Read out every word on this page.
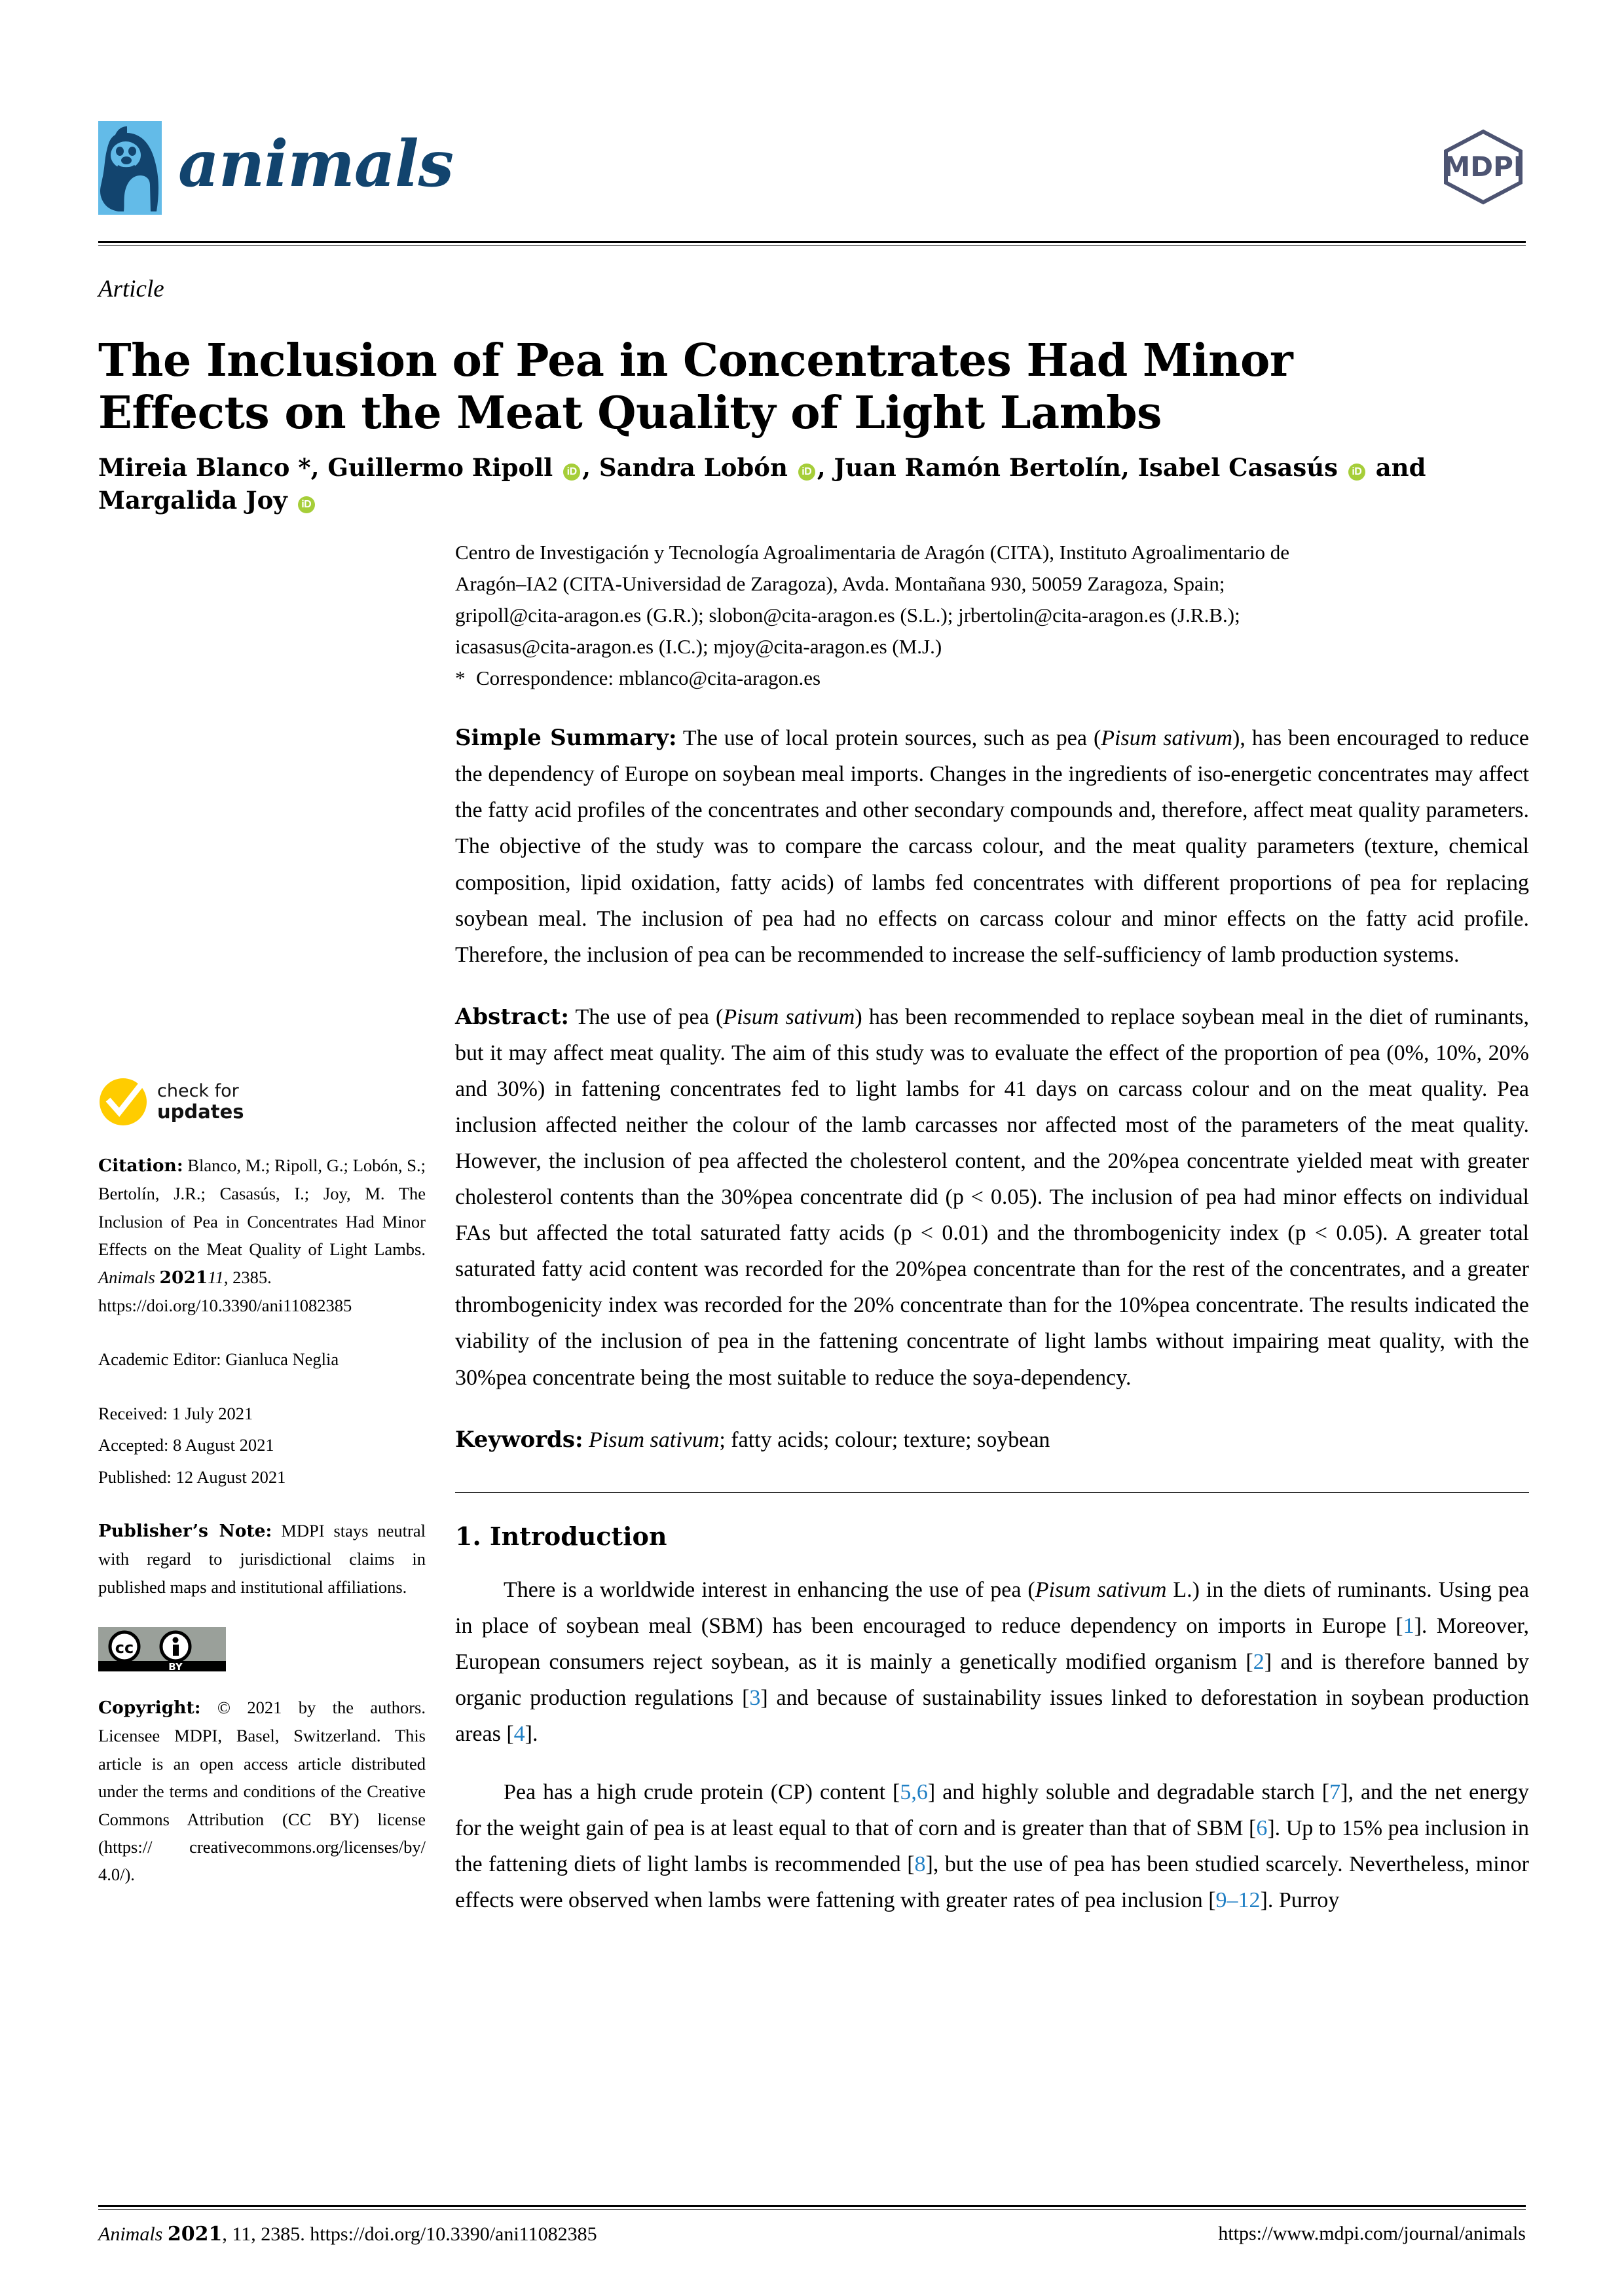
animals	MDPI
Article
The Inclusion of Pea in Concentrates Had Minor Effects on the Meat Quality of Light Lambs
Mireia Blanco *, Guillermo Ripoll iD , Sandra Lobón iD , Juan Ramón Bertolín, Isabel Casasús iD and Margalida Joy iD
Centro de Investigación y Tecnología Agroalimentaria de Aragón (CITA), Instituto Agroalimentario de
Aragón–IA2 (CITA-Universidad de Zaragoza), Avda. Montañana 930, 50059 Zaragoza, Spain;
gripoll@cita-aragon.es (G.R.); slobon@cita-aragon.es (S.L.); jrbertolin@cita-aragon.es (J.R.B.);
icasasus@cita-aragon.es (I.C.); mjoy@cita-aragon.es (M.J.)
* Correspondence: mblanco@cita-aragon.es

Simple Summary: The use of local protein sources, such as pea (Pisum sativum), has been encouraged to reduce the dependency of Europe on soybean meal imports. Changes in the ingredients of iso-energetic concentrates may affect the fatty acid profiles of the concentrates and other secondary compounds and, therefore, affect meat quality parameters. The objective of the study was to compare the carcass colour, and the meat quality parameters (texture, chemical composition, lipid oxidation, fatty acids) of lambs fed concentrates with different proportions of pea for replacing soybean meal. The inclusion of pea had no effects on carcass colour and minor effects on the fatty acid profile. Therefore, the inclusion of pea can be recommended to increase the self-sufficiency of lamb production systems.

Abstract: The use of pea (Pisum sativum) has been recommended to replace soybean meal in the diet of ruminants, but it may affect meat quality. The aim of this study was to evaluate the effect of the proportion of pea (0%, 10%, 20% and 30%) in fattening concentrates fed to light lambs for 41 days on carcass colour and on the meat quality. Pea inclusion affected neither the colour of the lamb carcasses nor affected most of the parameters of the meat quality. However, the inclusion of pea affected the cholesterol content, and the 20%pea concentrate yielded meat with greater cholesterol contents than the 30%pea concentrate did (p < 0.05). The inclusion of pea had minor effects on individual FAs but affected the total saturated fatty acids (p < 0.01) and the thrombogenicity index (p < 0.05). A greater total saturated fatty acid content was recorded for the 20%pea concentrate than for the rest of the concentrates, and a greater thrombogenicity index was recorded for the 20% concentrate than for the 10%pea concentrate. The results indicated the viability of the inclusion of pea in the fattening concentrate of light lambs without impairing meat quality, with the 30%pea concentrate being the most suitable to reduce the soya-dependency.

Keywords: Pisum sativum; fatty acids; colour; texture; soybean

1. Introduction

There is a worldwide interest in enhancing the use of pea (Pisum sativum L.) in the diets of ruminants. Using pea in place of soybean meal (SBM) has been encouraged to reduce dependency on imports in Europe [1]. Moreover, European consumers reject soybean, as it is mainly a genetically modified organism [2] and is therefore banned by organic production regulations [3] and because of sustainability issues linked to deforestation in soybean production areas [4].

Pea has a high crude protein (CP) content [5,6] and highly soluble and degradable starch [7], and the net energy for the weight gain of pea is at least equal to that of corn and is greater than that of SBM [6]. Up to 15% pea inclusion in the fattening diets of light lambs is recommended [8], but the use of pea has been studied scarcely. Nevertheless, minor effects were observed when lambs were fattening with greater rates of pea inclusion [9–12]. Purroy

check for
updates
Citation: Blanco, M.; Ripoll, G.; Lobón, S.; Bertolín, J.R.; Casasús, I.; Joy, M. The Inclusion of Pea in Concentrates Had Minor Effects on the Meat Quality of Light Lambs. Animals 202111, 2385.
https://doi.org/10.3390/ani11082385
Academic Editor: Gianluca Neglia
Received: 1 July 2021
Accepted: 8 August 2021
Published: 12 August 2021
Publisher’s Note: MDPI stays neutral with regard to jurisdictional claims in published maps and institutional affiliations.
cc
BY
Copyright: © 2021 by the authors. Licensee MDPI, Basel, Switzerland. This article is an open access article distributed under the terms and conditions of the Creative Commons Attribution (CC BY) license (https:// creativecommons.org/licenses/by/ 4.0/).
Animals 2021, 11, 2385. https://doi.org/10.3390/ani11082385	https://www.mdpi.com/journal/animals
